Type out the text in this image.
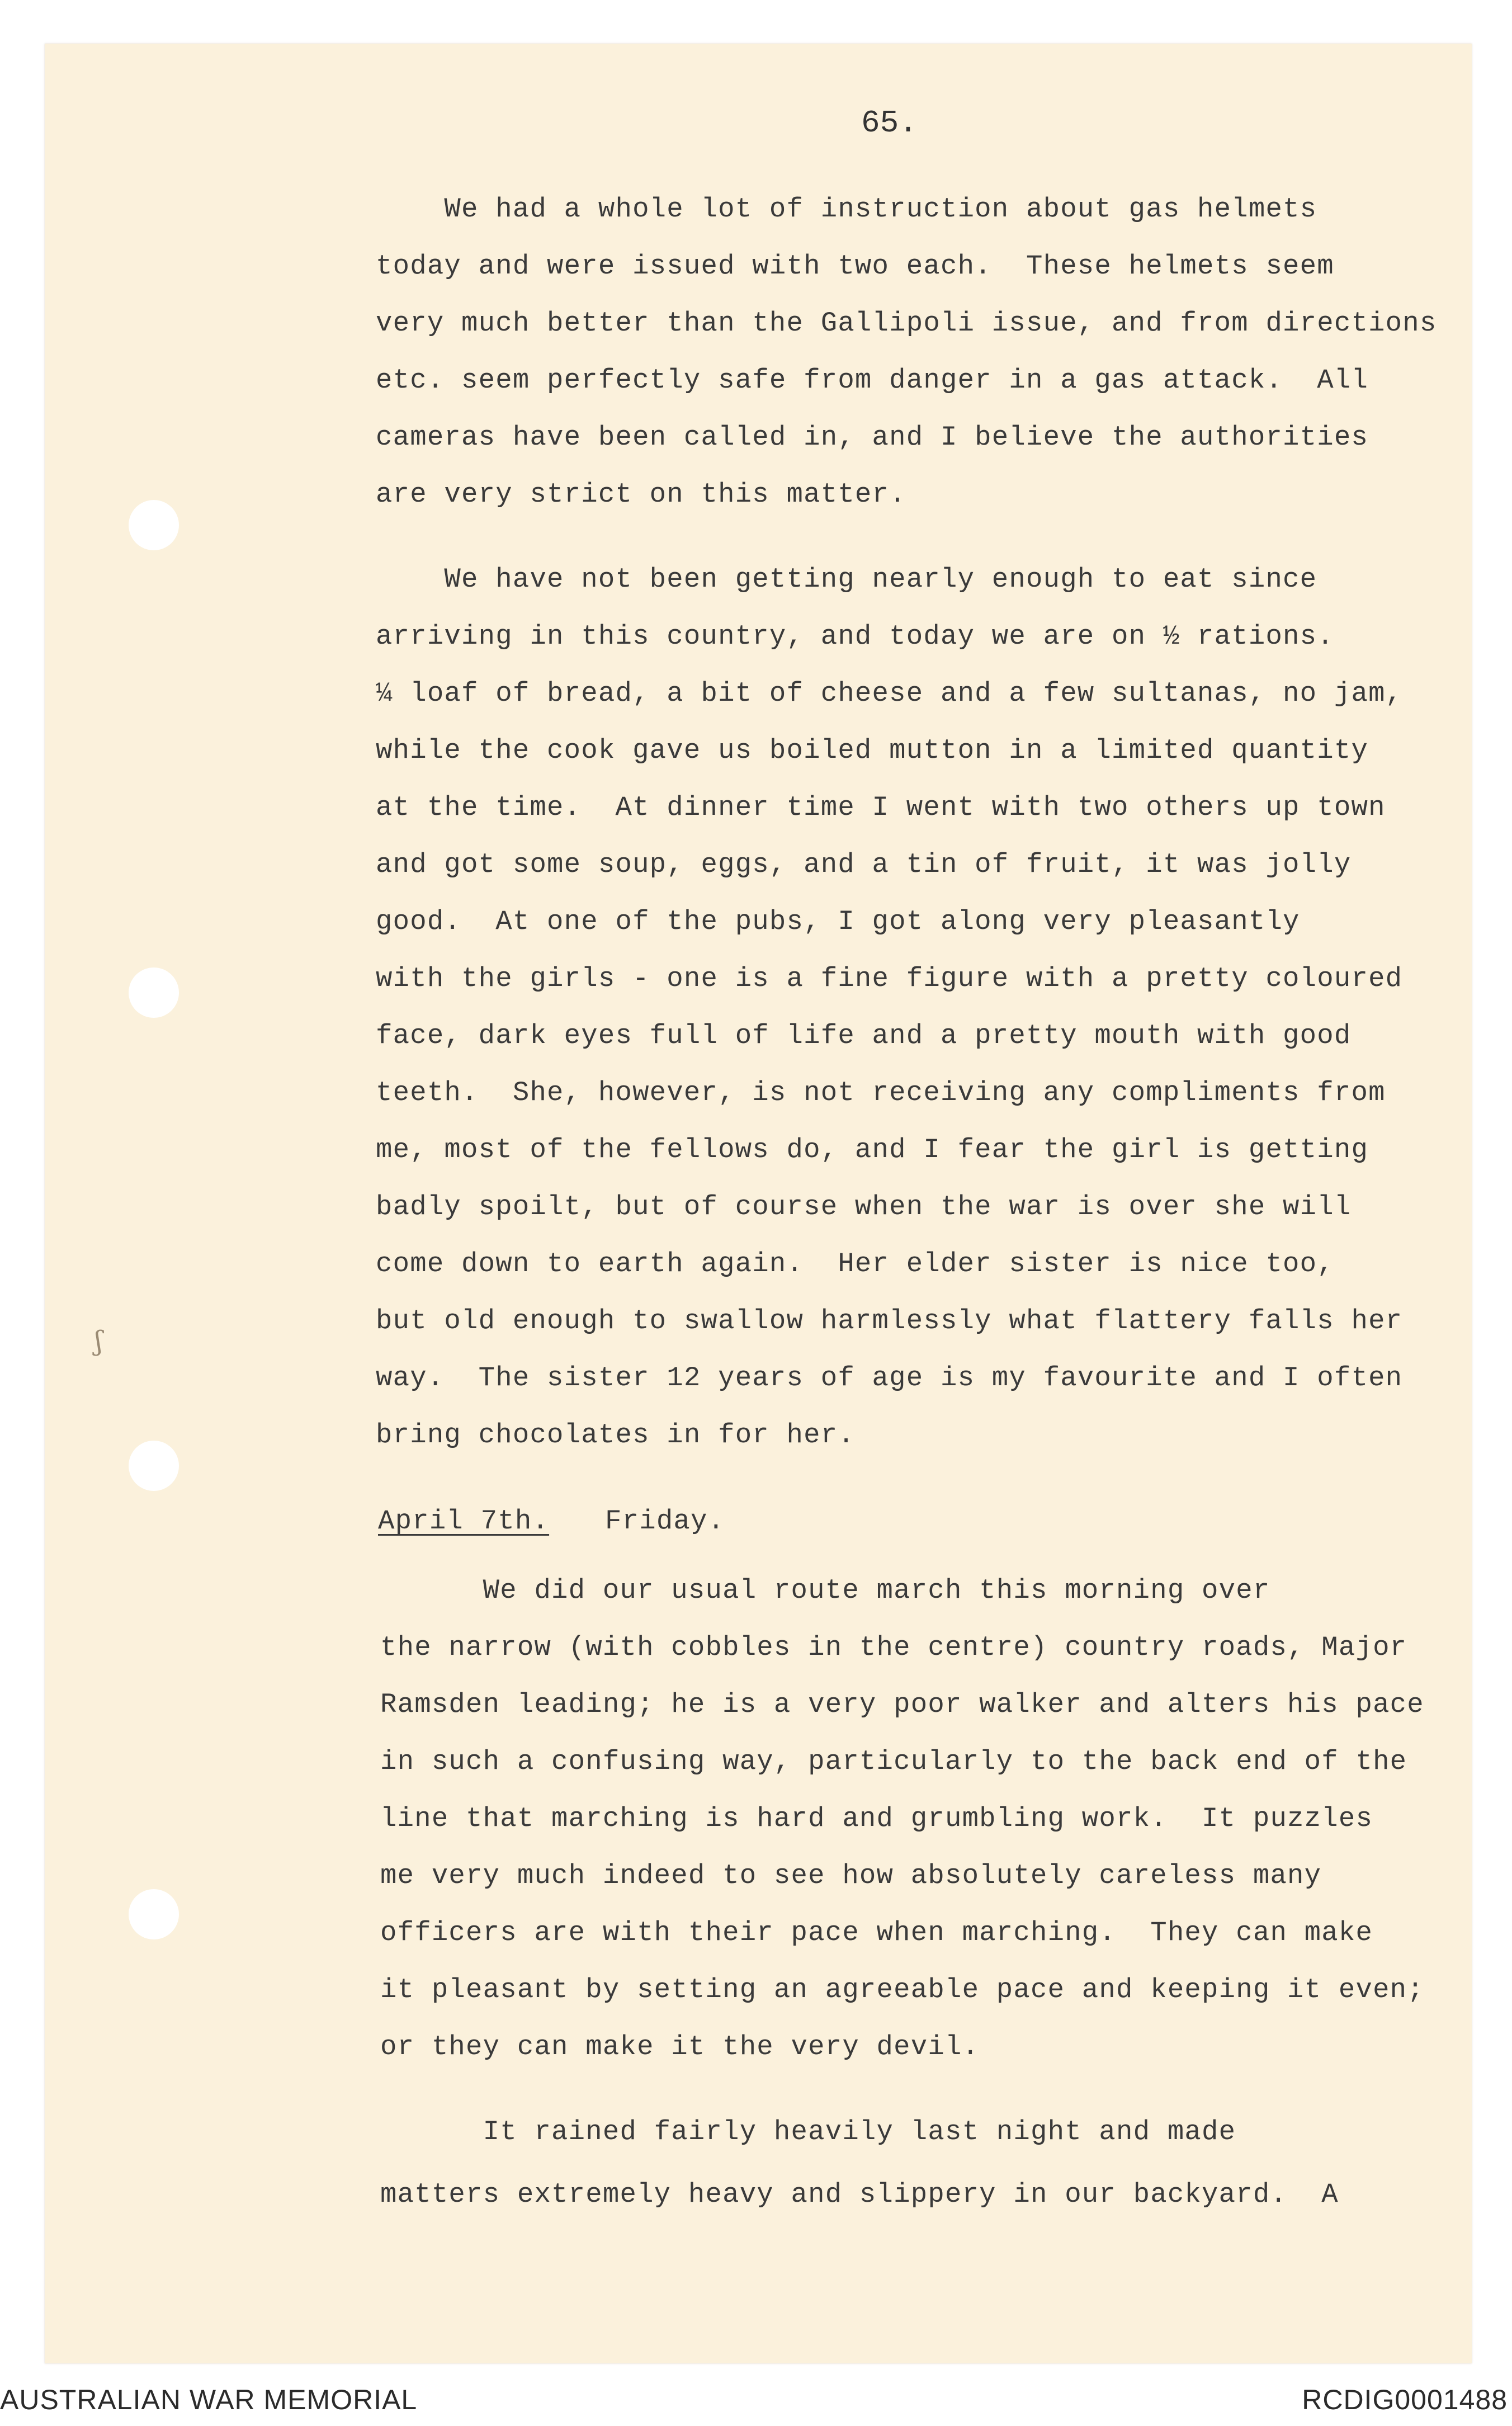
ʃ
65.
We had a whole lot of instruction about gas helmets
today and were issued with two each.  These helmets seem
very much better than the Gallipoli issue, and from directions
etc. seem perfectly safe from danger in a gas attack.  All
cameras have been called in, and I believe the authorities
are very strict on this matter.
We have not been getting nearly enough to eat since
arriving in this country, and today we are on ½ rations.
¼ loaf of bread, a bit of cheese and a few sultanas, no jam,
while the cook gave us boiled mutton in a limited quantity
at the time.  At dinner time I went with two others up town
and got some soup, eggs, and a tin of fruit, it was jolly
good.  At one of the pubs, I got along very pleasantly
with the girls - one is a fine figure with a pretty coloured
face, dark eyes full of life and a pretty mouth with good
teeth.  She, however, is not receiving any compliments from
me, most of the fellows do, and I fear the girl is getting
badly spoilt, but of course when the war is over she will
come down to earth again.  Her elder sister is nice too,
but old enough to swallow harmlessly what flattery falls her
way.  The sister 12 years of age is my favourite and I often
bring chocolates in for her.
April 7th. Friday.
We did our usual route march this morning over
the narrow (with cobbles in the centre) country roads, Major
Ramsden leading; he is a very poor walker and alters his pace
in such a confusing way, particularly to the back end of the
line that marching is hard and grumbling work.  It puzzles
me very much indeed to see how absolutely careless many
officers are with their pace when marching.  They can make
it pleasant by setting an agreeable pace and keeping it even;
or they can make it the very devil.
It rained fairly heavily last night and made
matters extremely heavy and slippery in our backyard.  A
AUSTRALIAN WAR MEMORIAL	RCDIG0001488
